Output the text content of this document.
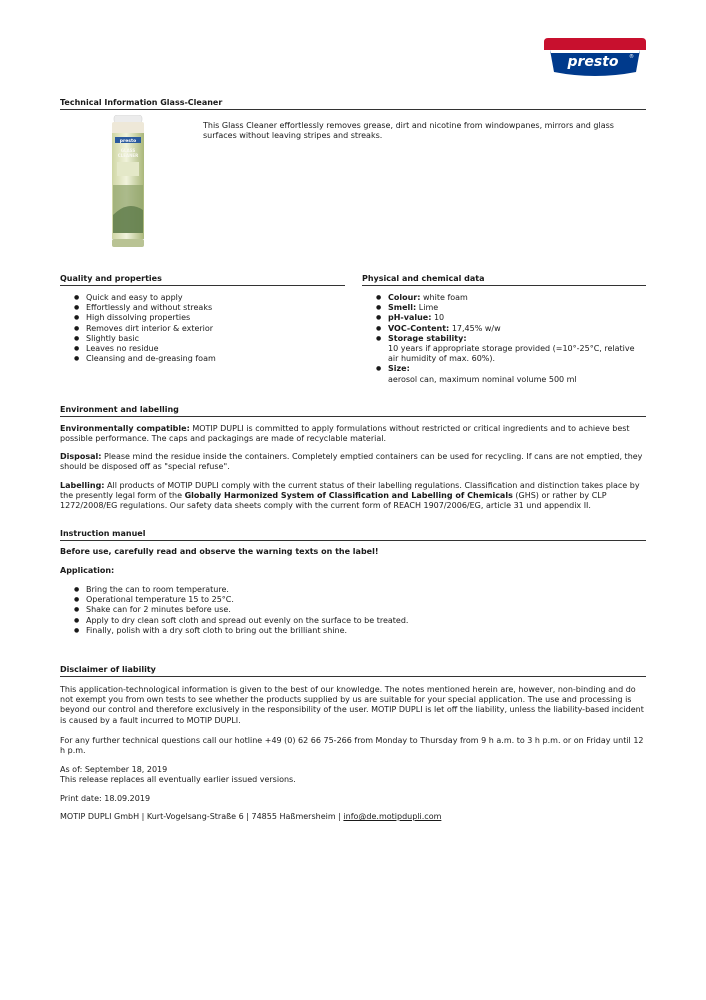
presto ®
Technical Information Glass-Cleaner
presto
GLASS
CLEANER
This Glass Cleaner effortlessly removes grease, dirt and nicotine from windowpanes, mirrors and glass surfaces without leaving stripes and streaks.
Quality and properties
● Quick and easy to apply
● Effortlessly and without streaks
● High dissolving properties
● Removes dirt interior & exterior
● Slightly basic
● Leaves no residue
● Cleansing and de-greasing foam
Physical and chemical data
● Colour: white foam
● Smell: Lime
● pH-value: 10
● VOC-Content: 17,45% w/w
● Storage stability:
10 years if appropriate storage provided (=10°-25°C, relative air humidity of max. 60%).
● Size:
aerosol can, maximum nominal volume 500 ml
Environment and labelling
Environmentally compatible: MOTIP DUPLI is committed to apply formulations without restricted or critical ingredients and to achieve best possible performance. The caps and packagings are made of recyclable material.
Disposal: Please mind the residue inside the containers. Completely emptied containers can be used for recycling. If cans are not emptied, they should be disposed off as "special refuse".
Labelling: All products of MOTIP DUPLI comply with the current status of their labelling regulations. Classification and distinction takes place by the presently legal form of the Globally Harmonized System of Classification and Labelling of Chemicals (GHS) or rather by CLP 1272/2008/EG regulations. Our safety data sheets comply with the current form of REACH 1907/2006/EG, article 31 und appendix II.
Instruction manuel
Before use, carefully read and observe the warning texts on the label!
Application:
● Bring the can to room temperature.
● Operational temperature 15 to 25°C.
● Shake can for 2 minutes before use.
● Apply to dry clean soft cloth and spread out evenly on the surface to be treated.
● Finally, polish with a dry soft cloth to bring out the brilliant shine.
Disclaimer of liability
This application-technological information is given to the best of our knowledge. The notes mentioned herein are, however, non-binding and do not exempt you from own tests to see whether the products supplied by us are suitable for your special application. The use and processing is beyond our control and therefore exclusively in the responsibility of the user. MOTIP DUPLI is let off the liability, unless the liability-based incident is caused by a fault incurred to MOTIP DUPLI.
For any further technical questions call our hotline +49 (0) 62 66 75-266 from Monday to Thursday from 9 h a.m. to 3 h p.m. or on Friday until 12 h p.m.
As of: September 18, 2019
This release replaces all eventually earlier issued versions.
Print date: 18.09.2019
MOTIP DUPLI GmbH | Kurt-Vogelsang-Straße 6 | 74855 Haßmersheim | info@de.motipdupli.com
